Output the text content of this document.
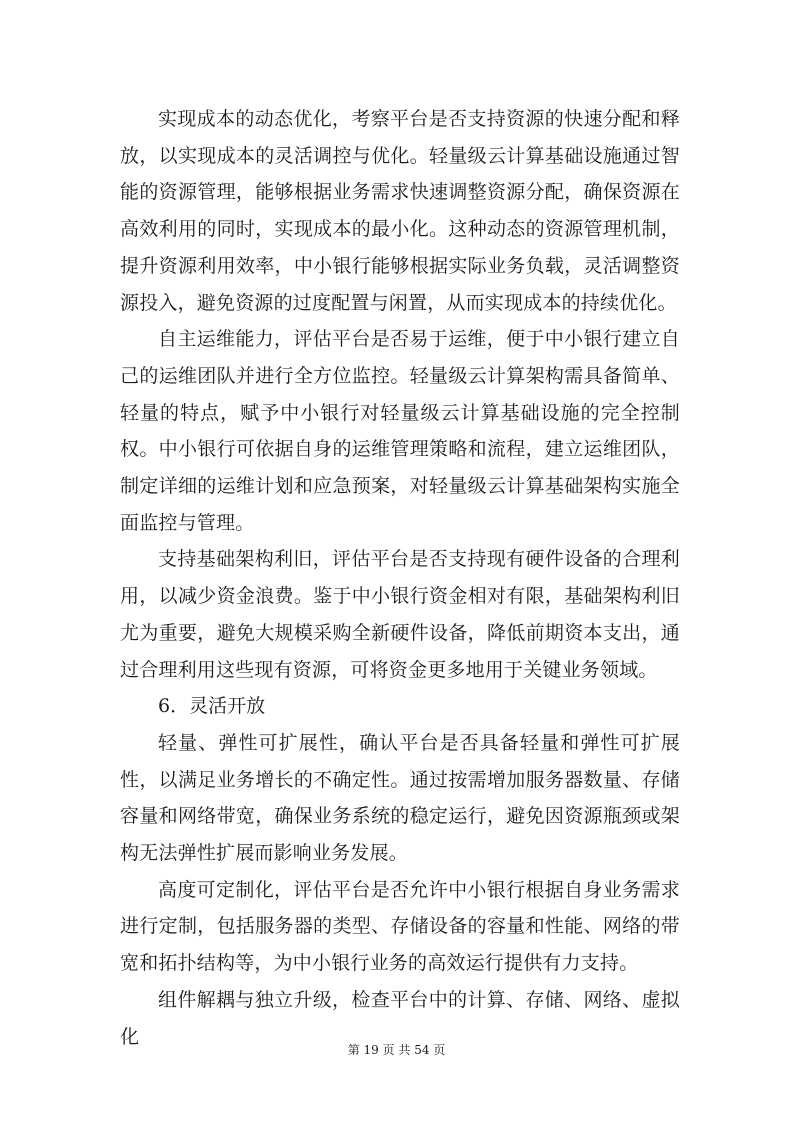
实现成本的动态优化，考察平台是否支持资源的快速分配和释放，以实现成本的灵活调控与优化。轻量级云计算基础设施通过智能的资源管理，能够根据业务需求快速调整资源分配，确保资源在高效利用的同时，实现成本的最小化。这种动态的资源管理机制，提升资源利用效率，中小银行能够根据实际业务负载，灵活调整资源投入，避免资源的过度配置与闲置，从而实现成本的持续优化。

自主运维能力，评估平台是否易于运维，便于中小银行建立自己的运维团队并进行全方位监控。轻量级云计算架构需具备简单、轻量的特点，赋予中小银行对轻量级云计算基础设施的完全控制权。中小银行可依据自身的运维管理策略和流程，建立运维团队，制定详细的运维计划和应急预案，对轻量级云计算基础架构实施全面监控与管理。

支持基础架构利旧，评估平台是否支持现有硬件设备的合理利用，以减少资金浪费。鉴于中小银行资金相对有限，基础架构利旧尤为重要，避免大规模采购全新硬件设备，降低前期资本支出，通过合理利用这些现有资源，可将资金更多地用于关键业务领域。

6．灵活开放

轻量、弹性可扩展性，确认平台是否具备轻量和弹性可扩展性，以满足业务增长的不确定性。通过按需增加服务器数量、存储容量和网络带宽，确保业务系统的稳定运行，避免因资源瓶颈或架构无法弹性扩展而影响业务发展。

高度可定制化，评估平台是否允许中小银行根据自身业务需求进行定制，包括服务器的类型、存储设备的容量和性能、网络的带宽和拓扑结构等，为中小银行业务的高效运行提供有力支持。

组件解耦与独立升级，检查平台中的计算、存储、网络、虚拟化

第 19 页 共 54 页
